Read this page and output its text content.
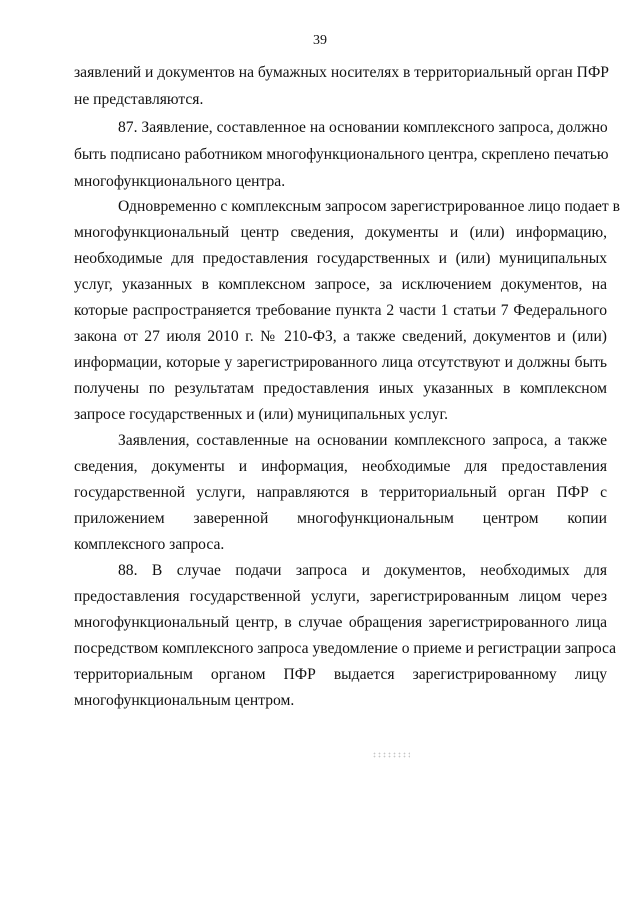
39
заявлений и документов на бумажных носителях в территориальный орган ПФР
не представляются.
87. Заявление, составленное на основании комплексного запроса, должно
быть подписано работником многофункционального центра, скреплено печатью
многофункционального центра.
Одновременно с комплексным запросом зарегистрированное лицо подает в
многофункциональный центр сведения, документы и (или) информацию,
необходимые для предоставления государственных и (или) муниципальных
услуг, указанных в комплексном запросе, за исключением документов, на
которые распространяется требование пункта 2 части 1 статьи 7 Федерального
закона от 27 июля 2010 г. № 210-ФЗ, а также сведений, документов и (или)
информации, которые у зарегистрированного лица отсутствуют и должны быть
получены по результатам предоставления иных указанных в комплексном
запросе государственных и (или) муниципальных услуг.
Заявления, составленные на основании комплексного запроса, а также
сведения, документы и информация, необходимые для предоставления
государственной услуги, направляются в территориальный орган ПФР с
приложением заверенной многофункциональным центром копии
комплексного запроса.
88. В случае подачи запроса и документов, необходимых для
предоставления государственной услуги, зарегистрированным лицом через
многофункциональный центр, в случае обращения зарегистрированного лица
посредством комплексного запроса уведомление о приеме и регистрации запроса
территориальным органом ПФР выдается зарегистрированному лицу
многофункциональным центром.
